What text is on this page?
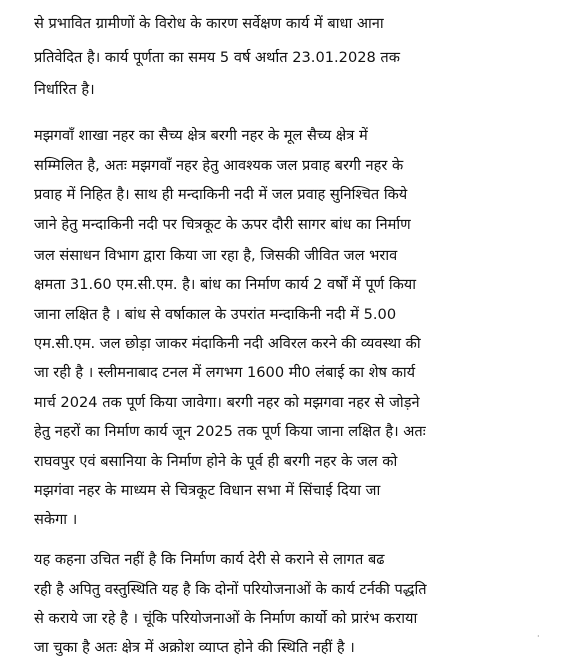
से प्रभावित ग्रामीणों के विरोध के कारण सर्वेक्षण कार्य में बाधा आना
प्रतिवेदित है। कार्य पूर्णता का समय 5 वर्ष अर्थात 23.01.2028 तक
निर्धारित है।
मझगवाँ शाखा नहर का सैच्य क्षेत्र बरगी नहर के मूल सैच्य क्षेत्र में
सम्मिलित है, अतः मझगवाँ नहर हेतु आवश्यक जल प्रवाह बरगी नहर के
प्रवाह में निहित है। साथ ही मन्दाकिनी नदी में जल प्रवाह सुनिश्चित किये
जाने हेतु मन्दाकिनी नदी पर चित्रकूट के ऊपर दौरी सागर बांध का निर्माण
जल संसाधन विभाग द्वारा किया जा रहा है, जिसकी जीवित जल भराव
क्षमता 31.60 एम.सी.एम. है। बांध का निर्माण कार्य 2 वर्षों में पूर्ण किया
जाना लक्षित है । बांध से वर्षाकाल के उपरांत मन्दाकिनी नदी में 5.00
एम.सी.एम. जल छोड़ा जाकर मंदाकिनी नदी अविरल करने की व्यवस्था की
जा रही है । स्लीमनाबाद टनल में लगभग 1600 मी0 लंबाई का शेष कार्य
मार्च 2024 तक पूर्ण किया जावेगा। बरगी नहर को मझगवा नहर से जोड़ने
हेतु नहरों का निर्माण कार्य जून 2025 तक पूर्ण किया जाना लक्षित है। अतः
राघवपुर एवं बसानिया के निर्माण होने के पूर्व ही बरगी नहर के जल को
मझगंवा नहर के माध्यम से चित्रकूट विधान सभा में सिंचाई दिया जा
सकेगा ।
यह कहना उचित नहीं है कि निर्माण कार्य देरी से कराने से लागत बढ
रही है अपितु वस्तुस्थिति यह है कि दोनों परियोजनाओं के कार्य टर्नकी पद्धति
से कराये जा रहे है । चूंकि परियोजनाओं के निर्माण कार्यो को प्रारंभ कराया
जा चुका है अतः क्षेत्र में अक्रोश व्याप्त होने की स्थिति नहीं है ।
·
